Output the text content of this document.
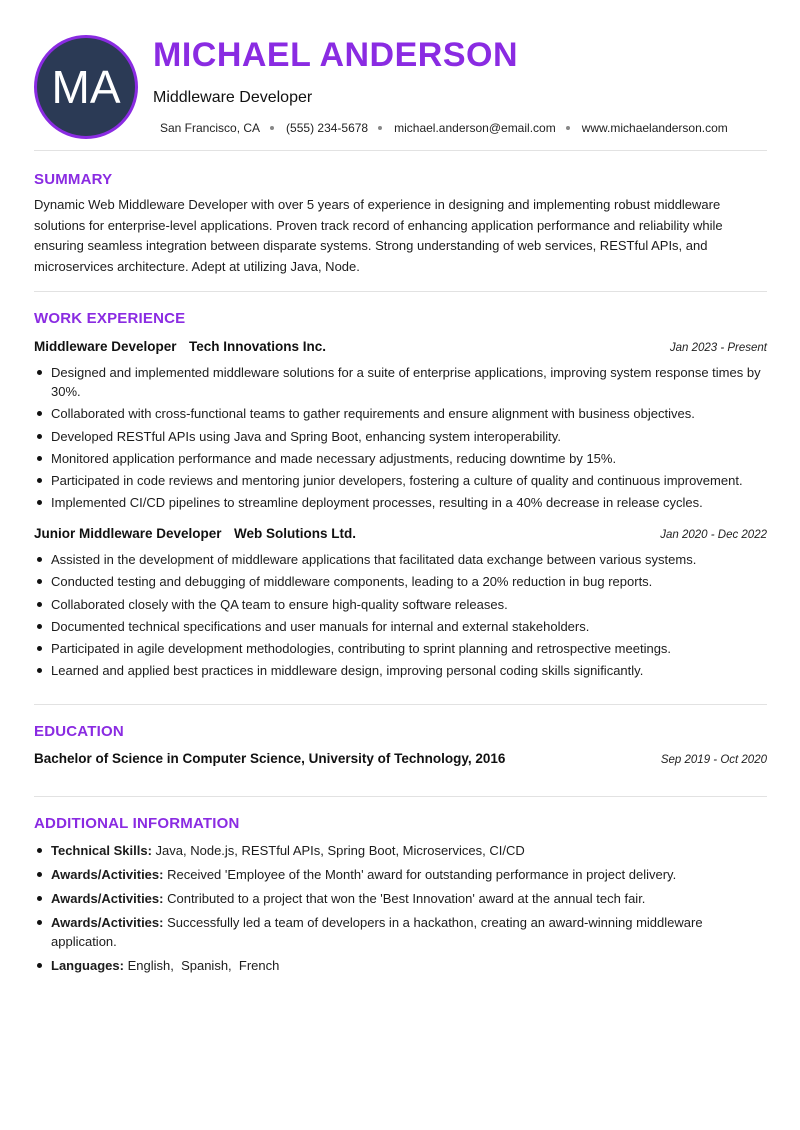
MA
MICHAEL ANDERSON
Middleware Developer
San Francisco, CA (555) 234-5678 michael.anderson@email.com www.michaelanderson.com
SUMMARY
Dynamic Web Middleware Developer with over 5 years of experience in designing and implementing robust middleware solutions for enterprise-level applications. Proven track record of enhancing application performance and reliability while ensuring seamless integration between disparate systems. Strong understanding of web services, RESTful APIs, and microservices architecture. Adept at utilizing Java, Node.
WORK EXPERIENCE
Middleware Developer Tech Innovations Inc.	Jan 2023 - Present
Designed and implemented middleware solutions for a suite of enterprise applications, improving system response times by 30%.
Collaborated with cross-functional teams to gather requirements and ensure alignment with business objectives.
Developed RESTful APIs using Java and Spring Boot, enhancing system interoperability.
Monitored application performance and made necessary adjustments, reducing downtime by 15%.
Participated in code reviews and mentoring junior developers, fostering a culture of quality and continuous improvement.
Implemented CI/CD pipelines to streamline deployment processes, resulting in a 40% decrease in release cycles.
Junior Middleware Developer Web Solutions Ltd.	Jan 2020 - Dec 2022
Assisted in the development of middleware applications that facilitated data exchange between various systems.
Conducted testing and debugging of middleware components, leading to a 20% reduction in bug reports.
Collaborated closely with the QA team to ensure high-quality software releases.
Documented technical specifications and user manuals for internal and external stakeholders.
Participated in agile development methodologies, contributing to sprint planning and retrospective meetings.
Learned and applied best practices in middleware design, improving personal coding skills significantly.
EDUCATION
Bachelor of Science in Computer Science, University of Technology, 2016	Sep 2019 - Oct 2020
ADDITIONAL INFORMATION
Technical Skills: Java, Node.js, RESTful APIs, Spring Boot, Microservices, CI/CD
Awards/Activities: Received 'Employee of the Month' award for outstanding performance in project delivery.
Awards/Activities: Contributed to a project that won the 'Best Innovation' award at the annual tech fair.
Awards/Activities: Successfully led a team of developers in a hackathon, creating an award-winning middleware application.
Languages: English,  Spanish,  French
